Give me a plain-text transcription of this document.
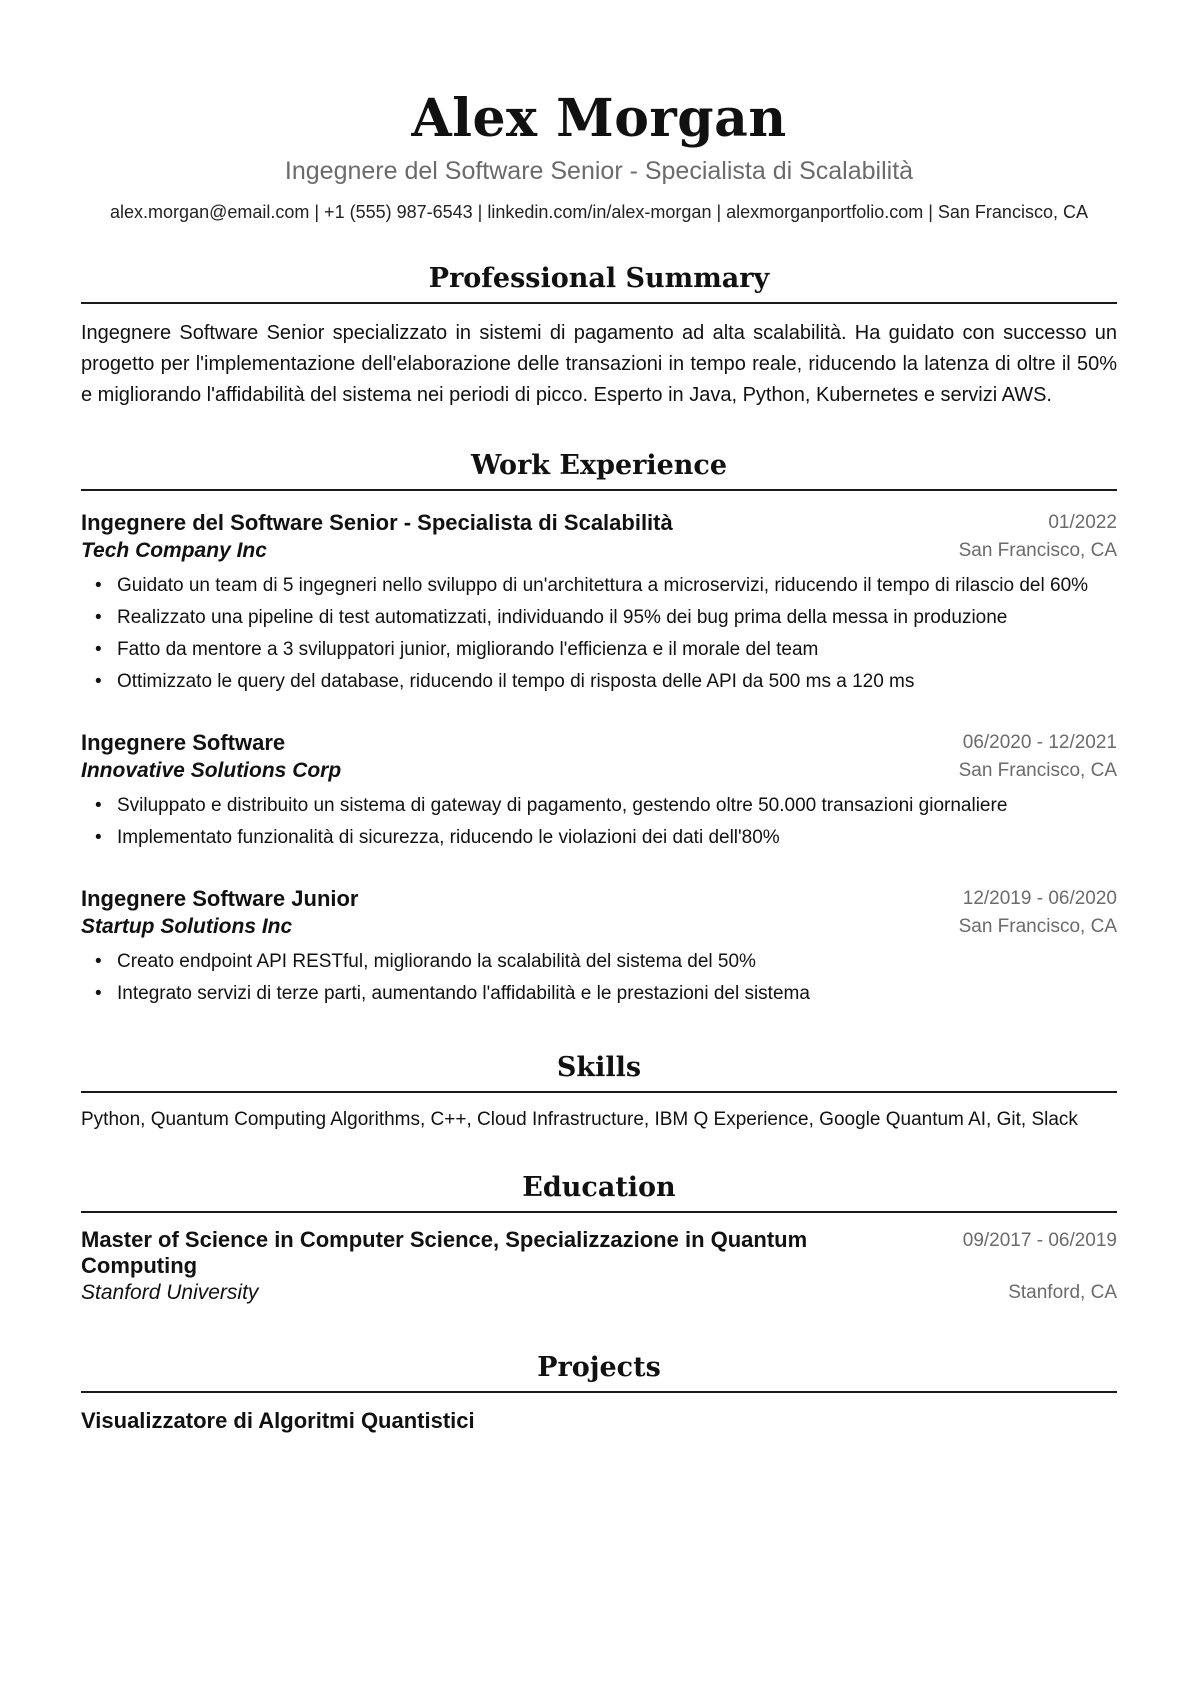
Alex Morgan
Ingegnere del Software Senior - Specialista di Scalabilità
alex.morgan@email.com | +1 (555) 987-6543 | linkedin.com/in/alex-morgan | alexmorganportfolio.com | San Francisco, CA
Professional Summary
Ingegnere Software Senior specializzato in sistemi di pagamento ad alta scalabilità. Ha guidato con successo un progetto per l'implementazione dell'elaborazione delle transazioni in tempo reale, riducendo la latenza di oltre il 50% e migliorando l'affidabilità del sistema nei periodi di picco. Esperto in Java, Python, Kubernetes e servizi AWS.
Work Experience
Ingegnere del Software Senior - Specialista di Scalabilità	01/2022
Tech Company Inc	San Francisco, CA
• Guidato un team di 5 ingegneri nello sviluppo di un'architettura a microservizi, riducendo il tempo di rilascio del 60%
• Realizzato una pipeline di test automatizzati, individuando il 95% dei bug prima della messa in produzione
• Fatto da mentore a 3 sviluppatori junior, migliorando l'efficienza e il morale del team
• Ottimizzato le query del database, riducendo il tempo di risposta delle API da 500 ms a 120 ms
Ingegnere Software	06/2020 - 12/2021
Innovative Solutions Corp	San Francisco, CA
• Sviluppato e distribuito un sistema di gateway di pagamento, gestendo oltre 50.000 transazioni giornaliere
• Implementato funzionalità di sicurezza, riducendo le violazioni dei dati dell'80%
Ingegnere Software Junior	12/2019 - 06/2020
Startup Solutions Inc	San Francisco, CA
• Creato endpoint API RESTful, migliorando la scalabilità del sistema del 50%
• Integrato servizi di terze parti, aumentando l'affidabilità e le prestazioni del sistema
Skills
Python, Quantum Computing Algorithms, C++, Cloud Infrastructure, IBM Q Experience, Google Quantum AI, Git, Slack
Education
Master of Science in Computer Science, Specializzazione in Quantum Computing
09/2017 - 06/2019
Stanford University	Stanford, CA
Projects
Visualizzatore di Algoritmi Quantistici
